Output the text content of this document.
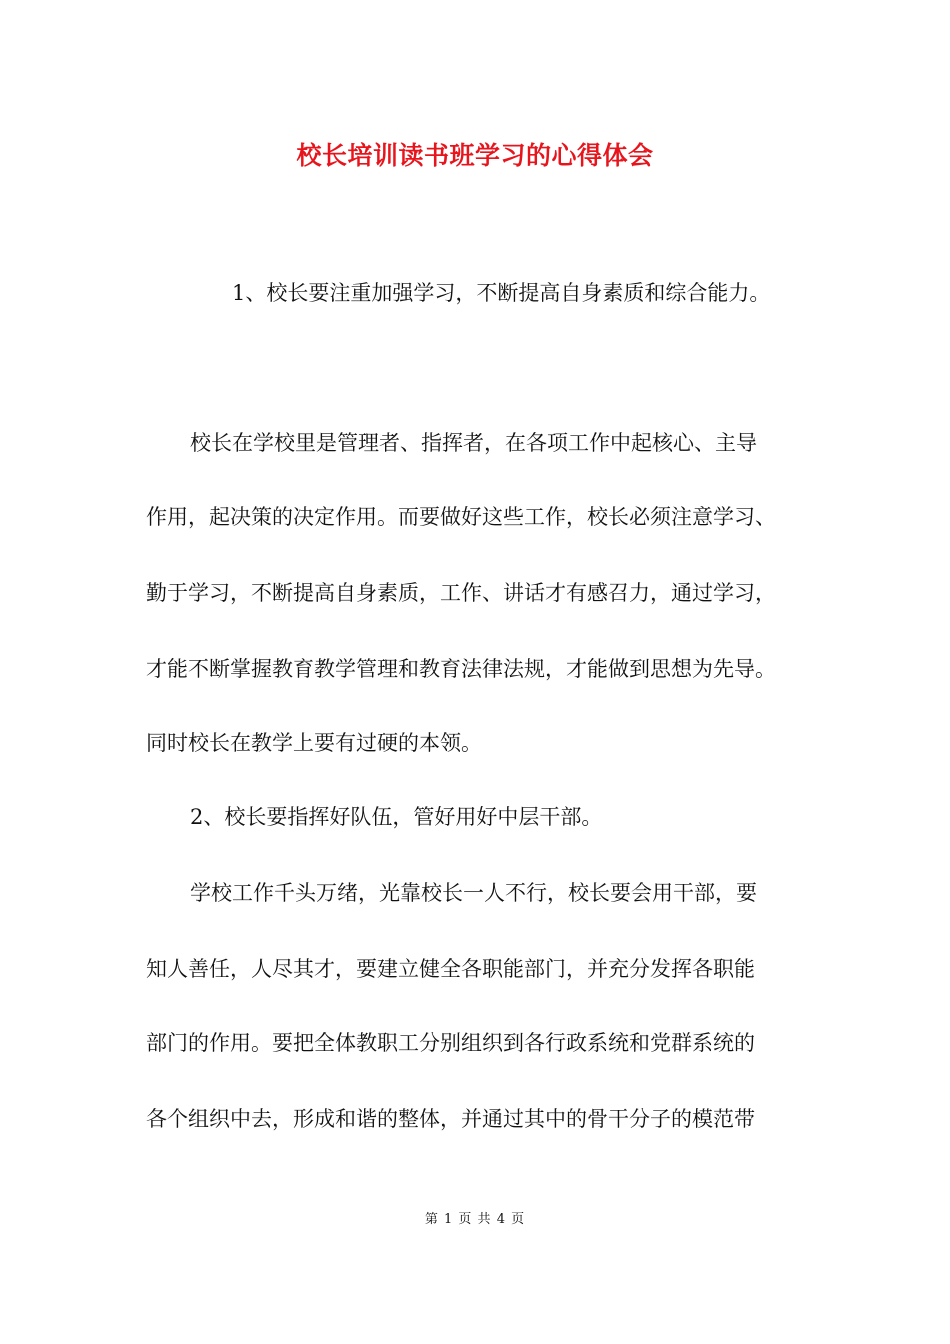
校长培训读书班学习的心得体会
1、校长要注重加强学习，不断提高自身素质和综合能力。
校长在学校里是管理者、指挥者，在各项工作中起核心、主导
作用，起决策的决定作用。而要做好这些工作，校长必须注意学习、
勤于学习，不断提高自身素质，工作、讲话才有感召力，通过学习，
才能不断掌握教育教学管理和教育法律法规，才能做到思想为先导。
同时校长在教学上要有过硬的本领。
2、校长要指挥好队伍，管好用好中层干部。
学校工作千头万绪，光靠校长一人不行，校长要会用干部，要
知人善任，人尽其才，要建立健全各职能部门，并充分发挥各职能
部门的作用。要把全体教职工分别组织到各行政系统和党群系统的
各个组织中去，形成和谐的整体，并通过其中的骨干分子的模范带
第 1 页 共 4 页
